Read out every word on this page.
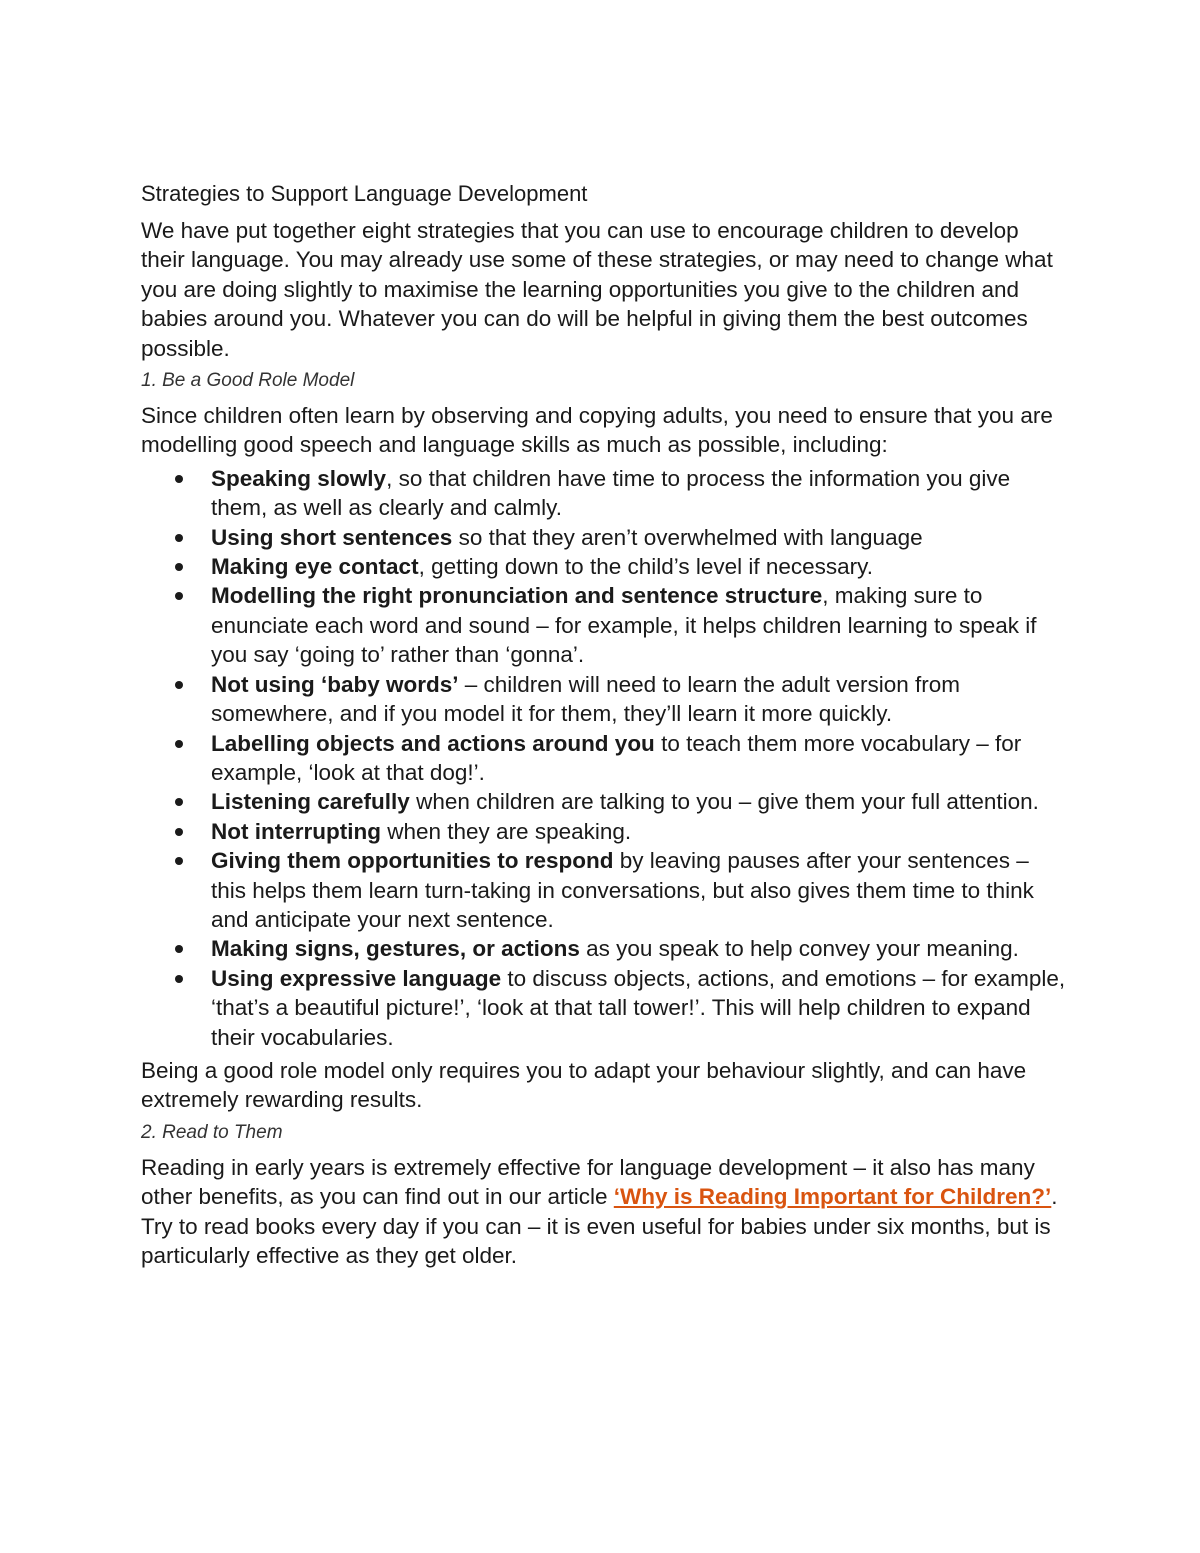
Strategies to Support Language Development

We have put together eight strategies that you can use to encourage children to develop their language. You may already use some of these strategies, or may need to change what you are doing slightly to maximise the learning opportunities you give to the children and babies around you. Whatever you can do will be helpful in giving them the best outcomes possible.

1. Be a Good Role Model

Since children often learn by observing and copying adults, you need to ensure that you are modelling good speech and language skills as much as possible, including:

Speaking slowly, so that children have time to process the information you give them, as well as clearly and calmly.
Using short sentences so that they aren’t overwhelmed with language
Making eye contact, getting down to the child’s level if necessary.
Modelling the right pronunciation and sentence structure, making sure to enunciate each word and sound – for example, it helps children learning to speak if you say ‘going to’ rather than ‘gonna’.
Not using ‘baby words’ – children will need to learn the adult version from somewhere, and if you model it for them, they’ll learn it more quickly.
Labelling objects and actions around you to teach them more vocabulary – for example, ‘look at that dog!’.
Listening carefully when children are talking to you – give them your full attention.
Not interrupting when they are speaking.
Giving them opportunities to respond by leaving pauses after your sentences – this helps them learn turn-taking in conversations, but also gives them time to think and anticipate your next sentence.
Making signs, gestures, or actions as you speak to help convey your meaning.
Using expressive language to discuss objects, actions, and emotions – for example, ‘that’s a beautiful picture!’, ‘look at that tall tower!’. This will help children to expand their vocabularies.

Being a good role model only requires you to adapt your behaviour slightly, and can have extremely rewarding results.

2. Read to Them

Reading in early years is extremely effective for language development – it also has many other benefits, as you can find out in our article ‘Why is Reading Important for Children?’. Try to read books every day if you can – it is even useful for babies under six months, but is particularly effective as they get older.
